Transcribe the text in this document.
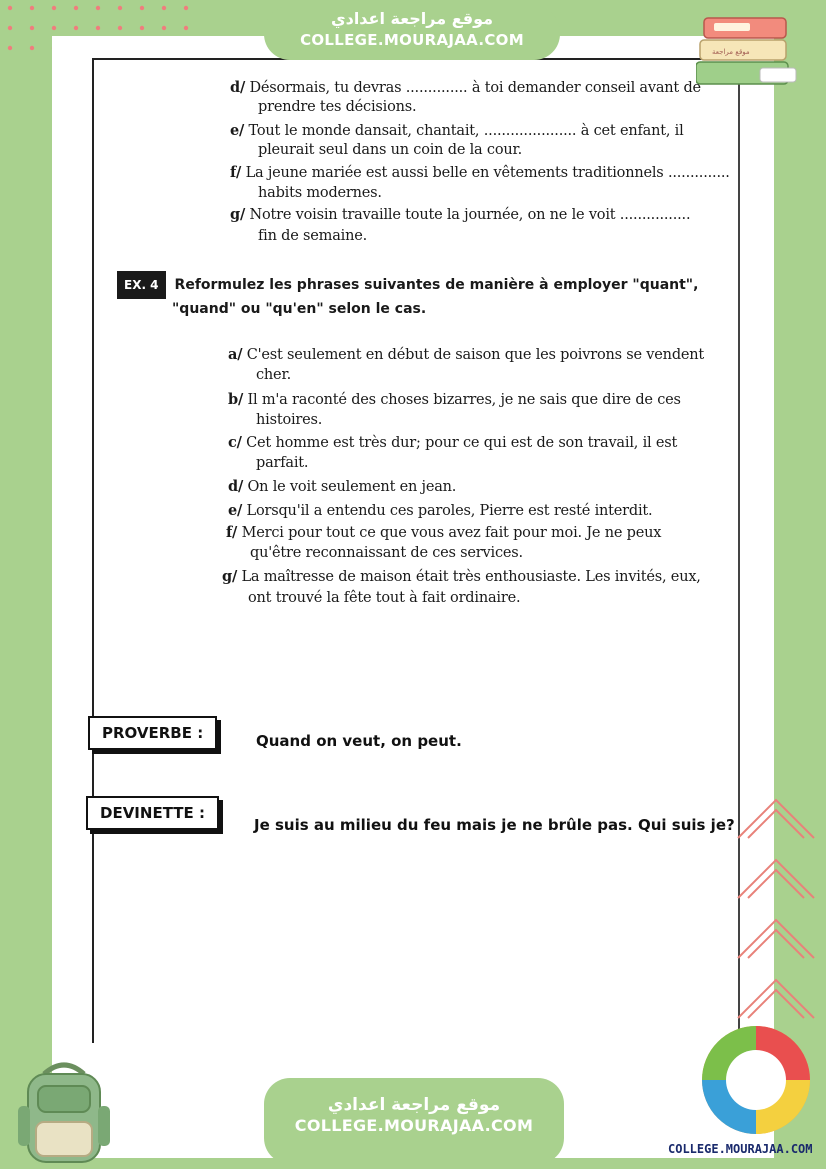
موقع مراجعة اعدادي
COLLEGE.MOURAJAA.COM
موقع مراجعة
d/ Désormais, tu devras .............. à toi demander conseil avant de
prendre tes décisions.
e/ Tout le monde dansait, chantait, ..................... à cet enfant, il
pleurait seul dans un coin de la cour.
f/ La jeune mariée est aussi belle en vêtements traditionnels ..............
habits modernes.
g/ Notre voisin travaille toute la journée, on ne le voit ................
fin de semaine.
EX. 4 Reformulez les phrases suivantes de manière à employer "quant",
"quand" ou "qu'en" selon le cas.
a/ C'est seulement en début de saison que les poivrons se vendent
cher.
b/ Il m'a raconté des choses bizarres, je ne sais que dire de ces
histoires.
c/ Cet homme est très dur; pour ce qui est de son travail, il est
parfait.
d/ On le voit seulement en jean.
e/ Lorsqu'il a entendu ces paroles, Pierre est resté interdit.
f/ Merci pour tout ce que vous avez fait pour moi. Je ne peux
qu'être reconnaissant de ces services.
g/ La maîtresse de maison était très enthousiaste. Les invités, eux,
ont trouvé la fête tout à fait ordinaire.
PROVERBE :	Quand on veut, on peut.
DEVINETTE :
Je suis au milieu du feu mais je ne brûle pas. Qui suis je?
موقع مراجعة اعدادي
COLLEGE.MOURAJAA.COM
COLLEGE.MOURAJAA.COM
